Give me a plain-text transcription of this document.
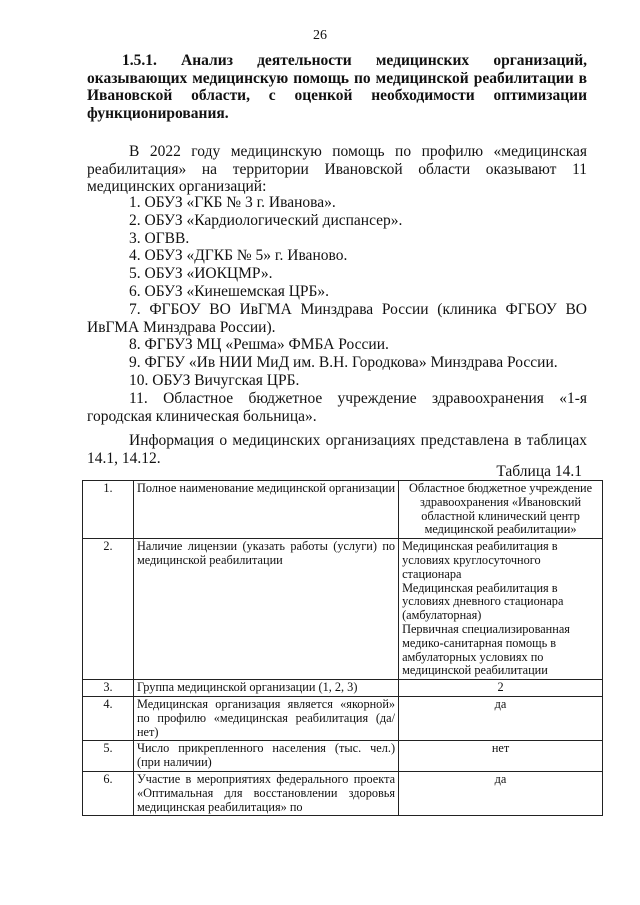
26
1.5.1. Анализ деятельности медицинских организаций, оказывающих медицинскую помощь по медицинской реабилитации в Ивановской области, с оценкой необходимости оптимизации функционирования.
В 2022 году медицинскую помощь по профилю «медицинская реабилитация» на территории Ивановской области оказывают 11 медицинских организаций:
1. ОБУЗ «ГКБ № 3 г. Иванова».
2. ОБУЗ «Кардиологический диспансер».
3. ОГВВ.
4. ОБУЗ «ДГКБ № 5» г. Иваново.
5. ОБУЗ «ИОКЦМР».
6. ОБУЗ «Кинешемская ЦРБ».
7. ФГБОУ ВО ИвГМА Минздрава России (клиника ФГБОУ ВО ИвГМА Минздрава России).
8. ФГБУЗ МЦ «Решма» ФМБА России.
9. ФГБУ «Ив НИИ МиД им. В.Н. Городкова» Минздрава России.
10. ОБУЗ Вичугская ЦРБ.
11. Областное бюджетное учреждение здравоохранения «1-я городская клиническая больница».
Информация о медицинских организациях представлена в таблицах 14.1, 14.12.
Таблица 14.1
1.	Полное наименование медицинской организации	Областное бюджетное учреждение здравоохранения «Ивановский областной клинический центр медицинской реабилитации»

2.	Наличие лицензии (указать работы (услуги) по медицинской реабилитации	Медицинская реабилитация в условиях круглосуточного стационара
Медицинская реабилитация в условиях дневного стационара (амбулаторная)
Первичная специализированная медико-санитарная помощь в амбулаторных условиях по медицинской реабилитации

3.	Группа медицинской организации (1, 2, 3)	2

4.	Медицинская организация является «якорной» по профилю «медицинская реабилитация (да/нет)	да

5.	Число прикрепленного населения (тыс. чел.) (при наличии)	нет

6.	Участие в мероприятиях федерального проекта «Оптимальная для восстановлении здоровья медицинская реабилитация» по	да
